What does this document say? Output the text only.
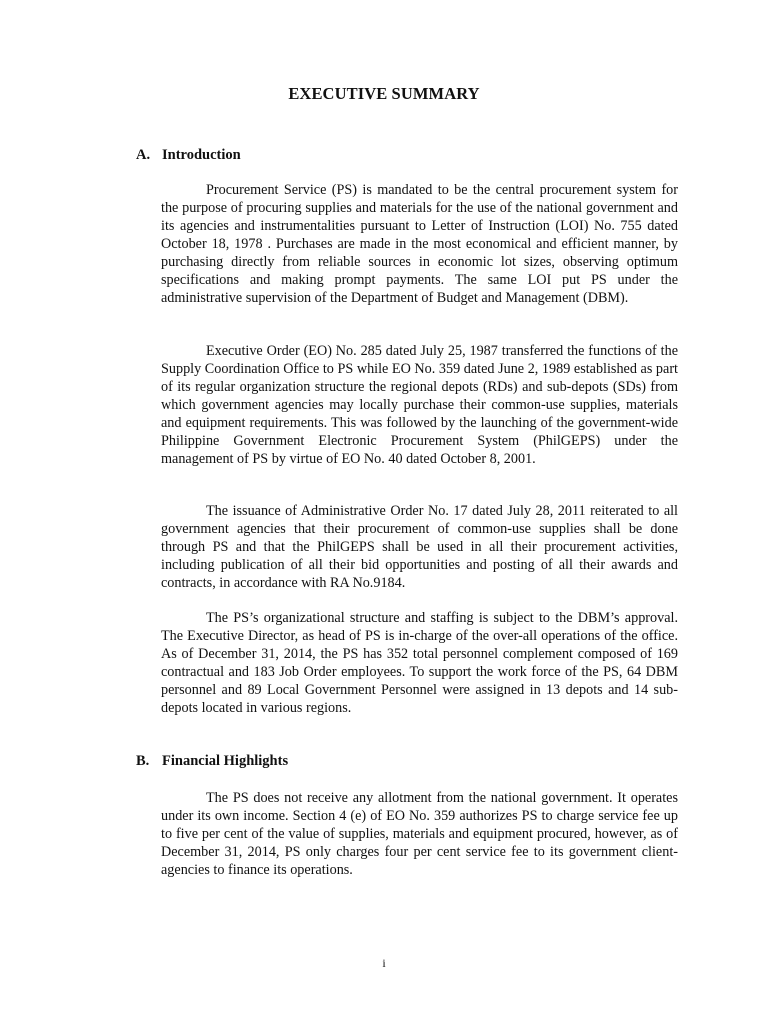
EXECUTIVE SUMMARY
A. Introduction

Procurement Service (PS) is mandated to be the central procurement system for the purpose of procuring supplies and materials for the use of the national government and its agencies and instrumentalities pursuant to Letter of Instruction (LOI) No. 755 dated October 18, 1978 . Purchases are made in the most economical and efficient manner, by purchasing directly from reliable sources in economic lot sizes, observing optimum specifications and making prompt payments. The same LOI put PS under the administrative supervision of the Department of Budget and Management (DBM).

Executive Order (EO) No. 285 dated July 25, 1987 transferred the functions of the Supply Coordination Office to PS while EO No. 359 dated June 2, 1989 established as part of its regular organization structure the regional depots (RDs) and sub-depots (SDs) from which government agencies may locally purchase their common-use supplies, materials and equipment requirements. This was followed by the launching of the government-wide Philippine Government Electronic Procurement System (PhilGEPS) under the management of PS by virtue of EO No. 40 dated October 8, 2001.

The issuance of Administrative Order No. 17 dated July 28, 2011 reiterated to all government agencies that their procurement of common-use supplies shall be done through PS and that the PhilGEPS shall be used in all their procurement activities, including publication of all their bid opportunities and posting of all their awards and contracts, in accordance with RA No.9184.

The PS’s organizational structure and staffing is subject to the DBM’s approval. The Executive Director, as head of PS is in-charge of the over-all operations of the office. As of December 31, 2014, the PS has 352 total personnel complement composed of 169 contractual and 183 Job Order employees. To support the work force of the PS, 64 DBM personnel and 89 Local Government Personnel were assigned in 13 depots and 14 sub-depots located in various regions.

B. Financial Highlights

The PS does not receive any allotment from the national government. It operates under its own income. Section 4 (e) of EO No. 359 authorizes PS to charge service fee up to five per cent of the value of supplies, materials and equipment procured, however, as of December 31, 2014, PS only charges four per cent service fee to its government client-agencies to finance its operations.

i
